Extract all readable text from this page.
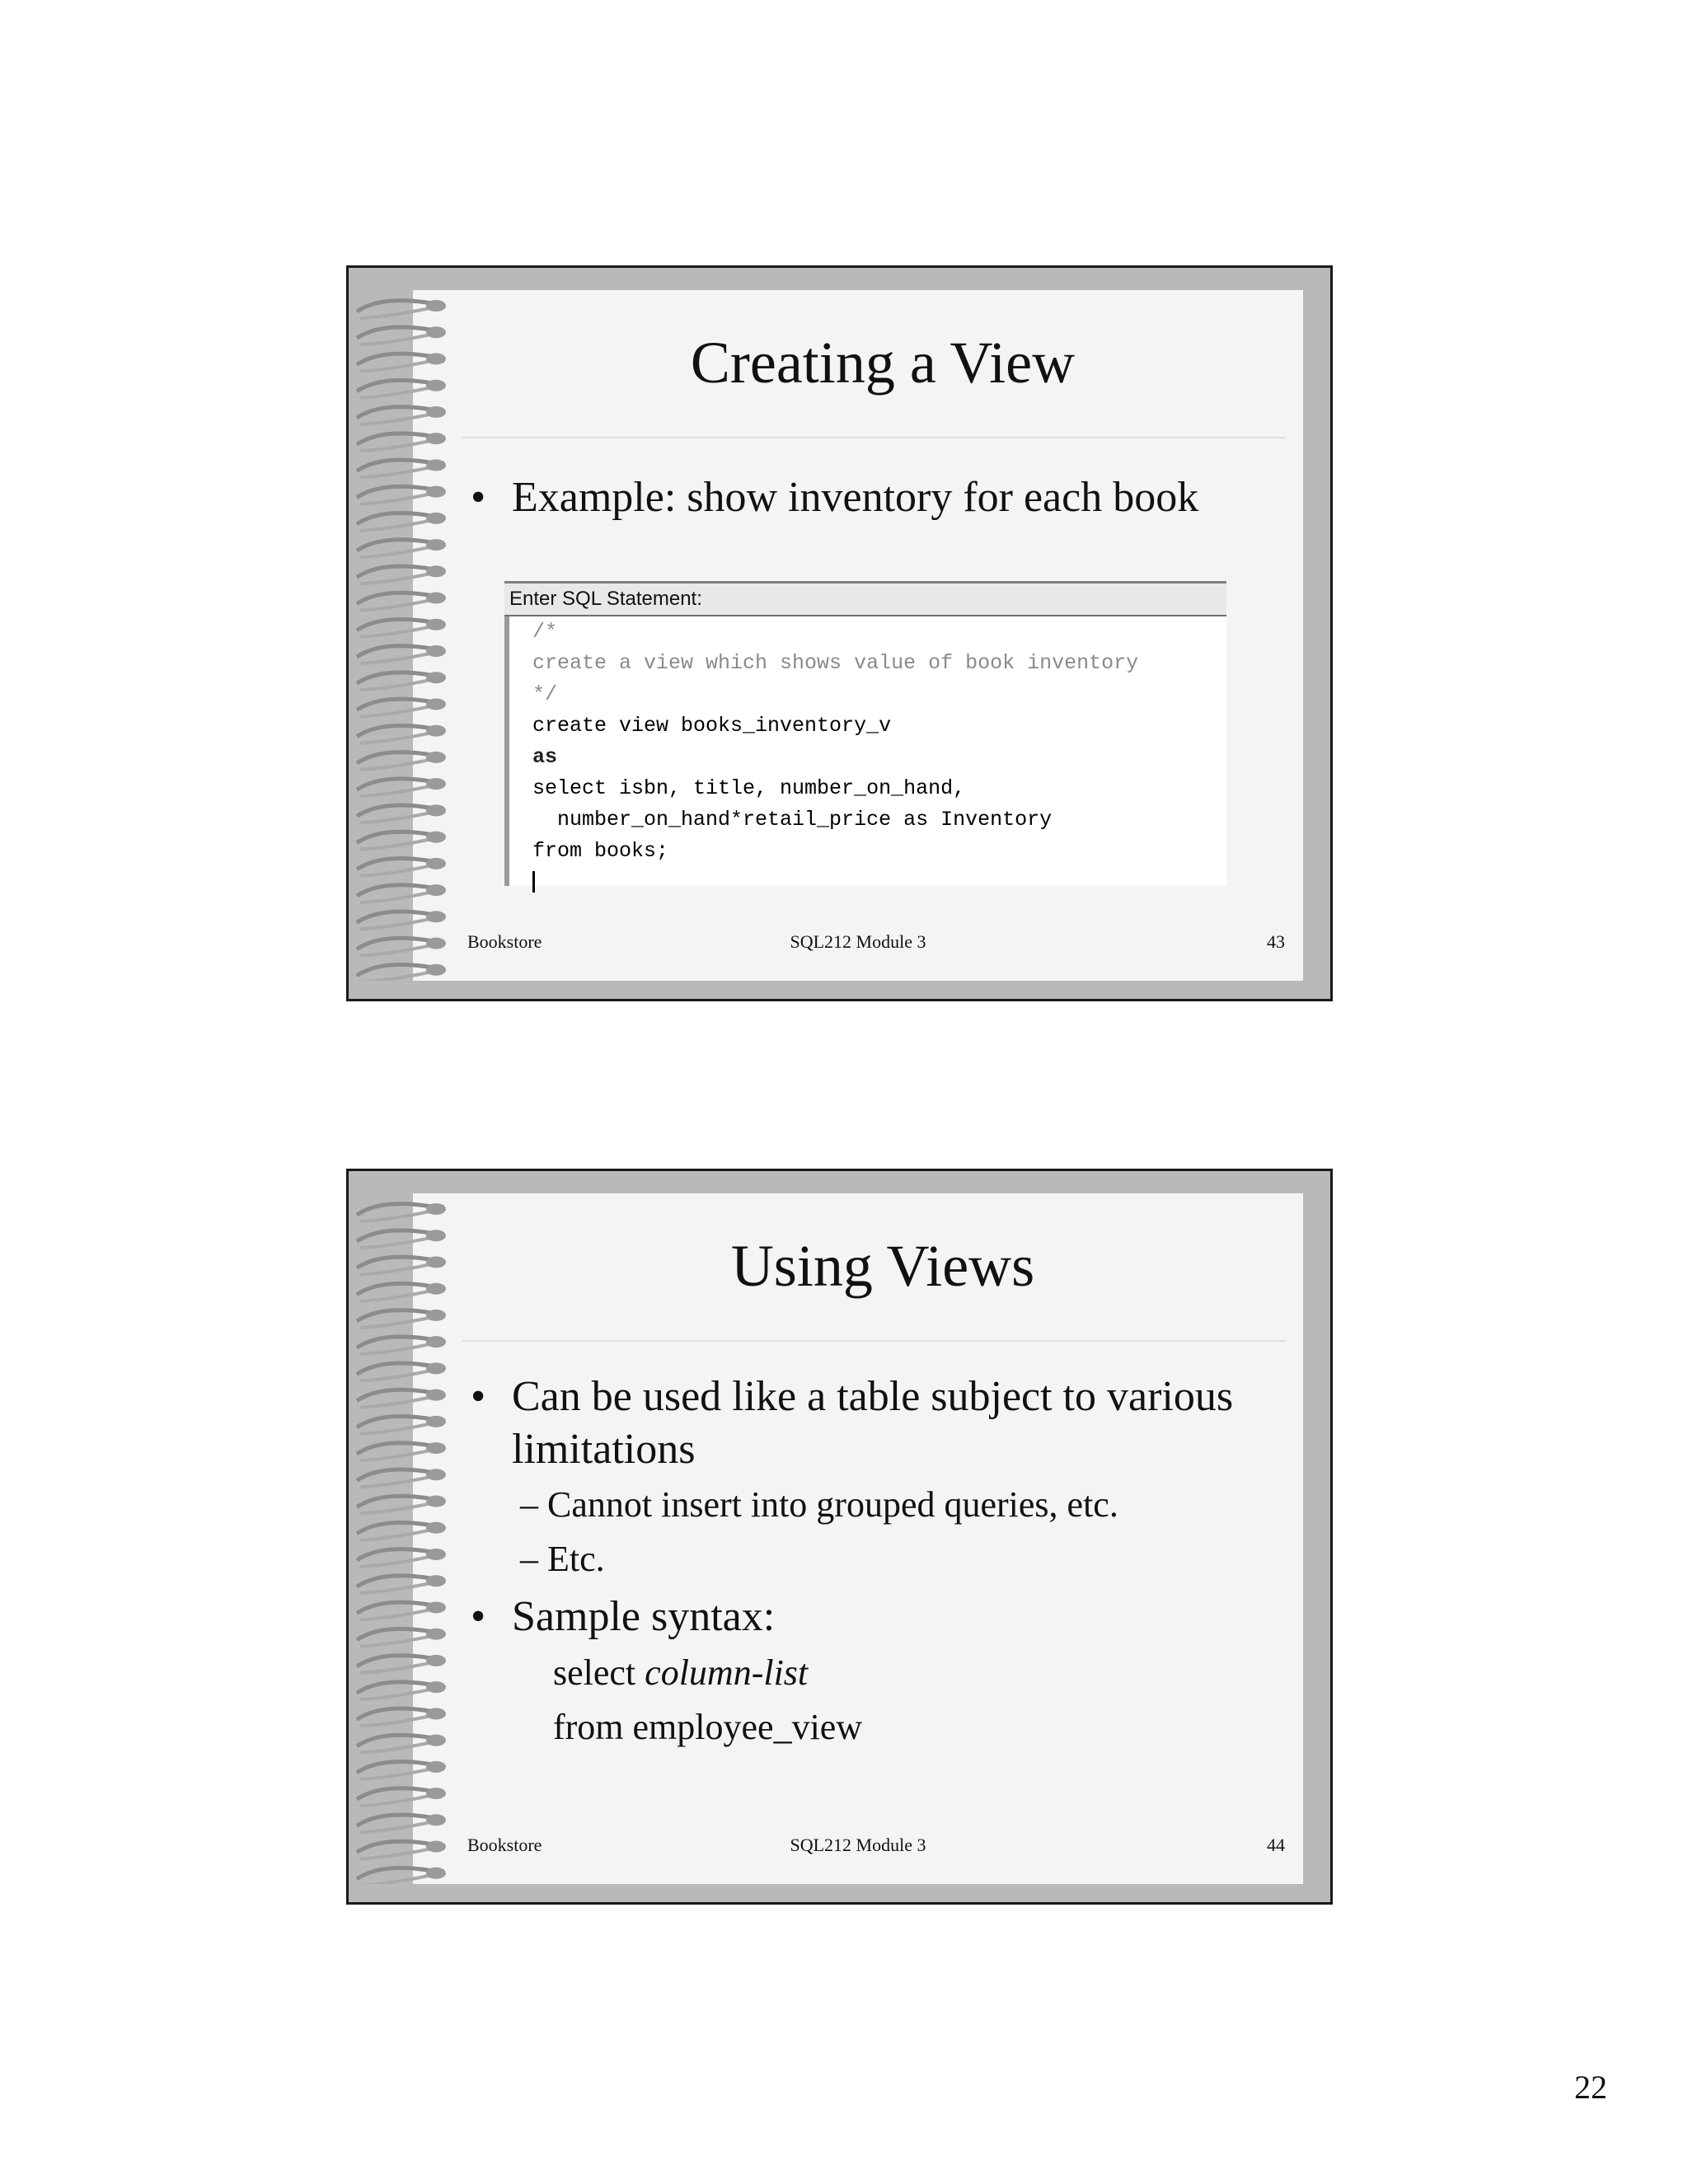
Creating a View
• Example: show inventory for each book
Enter SQL Statement:
/*
create a view which shows value of book inventory
*/
create view books_inventory_v
as
select isbn, title, number_on_hand,
number_on_hand*retail_price as Inventory
from books;
Bookstore	SQL212 Module 3	43
Using Views
• Can be used like a table subject to various limitations
– Cannot insert into grouped queries, etc.
– Etc.
• Sample syntax:
select column-list
from employee_view
Bookstore	SQL212 Module 3	44
22
